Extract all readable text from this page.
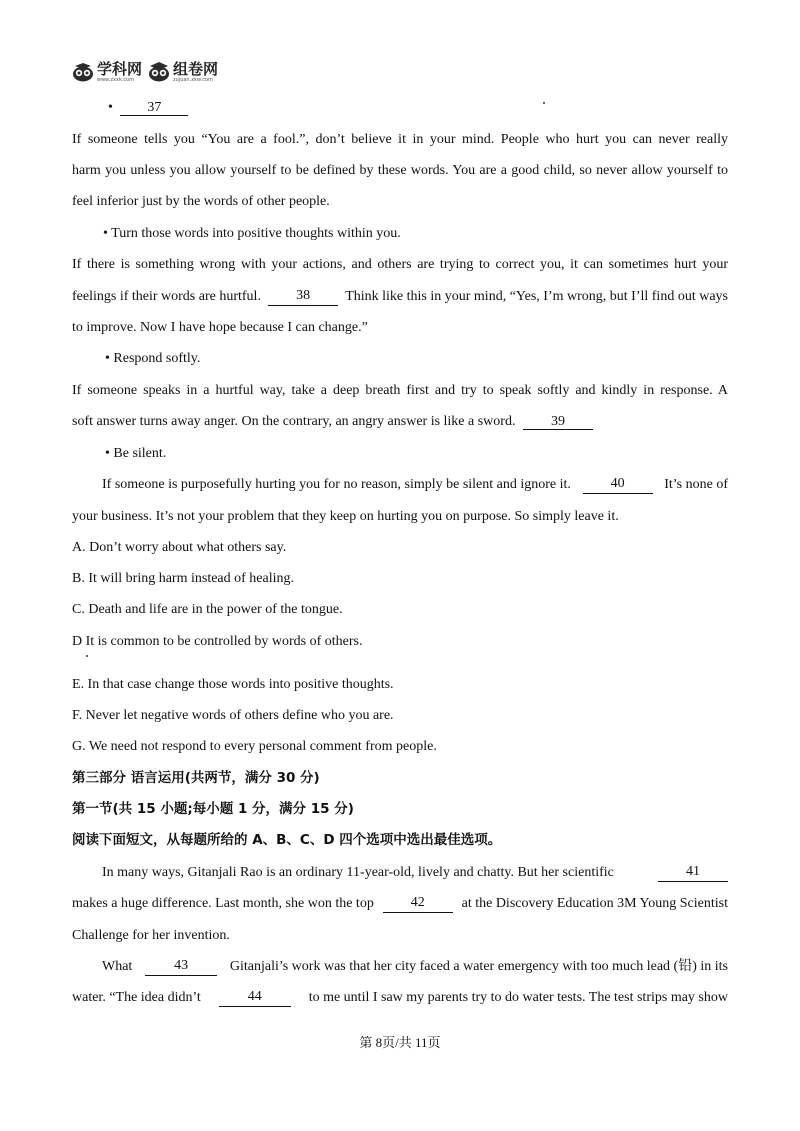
学科网
www.zxxk.com
组卷网
zujuan.xkw.com
• 37
If someone tells you “You are a fool.”, don’t believe it in your mind. People who hurt you can never really
harm you unless you allow yourself to be defined by these words. You are a good child, so never allow yourself to
feel inferior just by the words of other people.
• Turn those words into positive thoughts within you.
If there is something wrong with your actions, and others are trying to correct you, it can sometimes hurt your
feelings if their words are hurtful.	38	Think like this in your mind, “Yes, I’m wrong, but I’ll find out ways
to improve. Now I have hope because I can change.”
• Respond softly.
If someone speaks in a hurtful way, take a deep breath first and try to speak softly and kindly in response. A
soft answer turns away anger. On the contrary, an angry answer is like a sword.	39
• Be silent.
If someone is purposefully hurting you for no reason, simply be silent and ignore it.	40	It’s none of
your business. It’s not your problem that they keep on hurting you on purpose. So simply leave it.
A. Don’t worry about what others say.
B. It will bring harm instead of healing.
C. Death and life are in the power of the tongue.
D It is common to be controlled by words of others.
E. In that case change those words into positive thoughts.
F. Never let negative words of others define who you are.
G. We need not respond to every personal comment from people.
第三部分 语言运用(共两节，满分 30 分)
第一节(共 15 小题;每小题 1 分，满分 15 分)
阅读下面短文，从每题所给的 A、B、C、D 四个选项中选出最佳选项。
In many ways, Gitanjali Rao is an ordinary 11-year-old, lively and chatty. But her scientific	41
makes a huge difference. Last month, she won the top	42	at the Discovery Education 3M Young Scientist
Challenge for her invention.
What	43	Gitanjali’s work was that her city faced a water emergency with too much lead (铅) in its
water. “The idea didn’t	44	to me until I saw my parents try to do water tests. The test strips may show
第 8页/共 11页
